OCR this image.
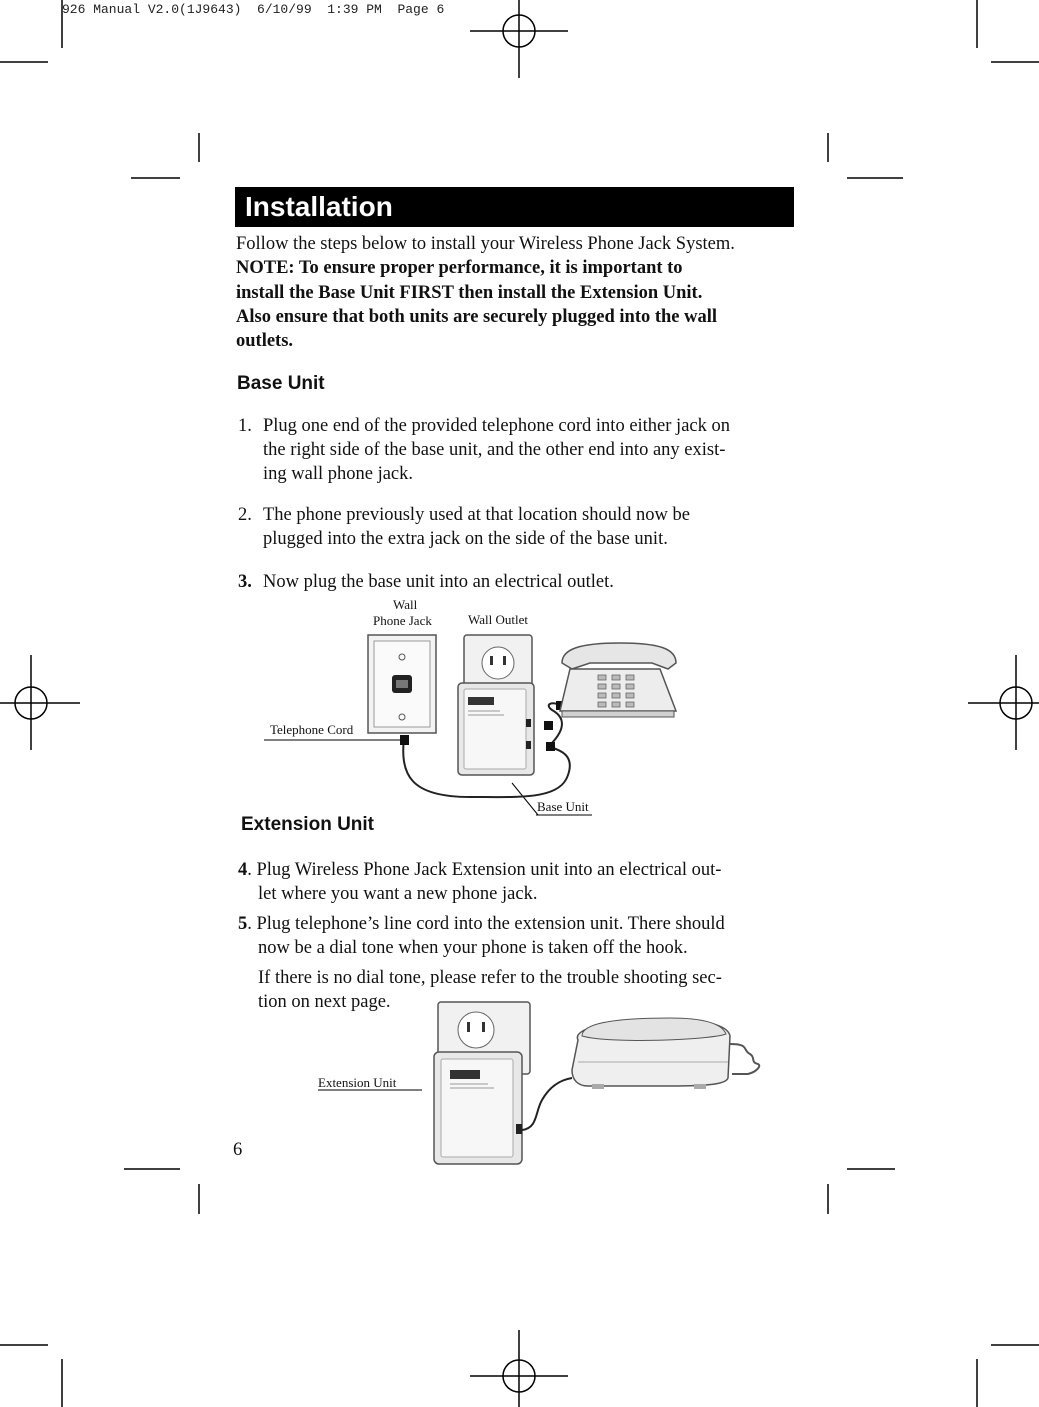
926 Manual V2.0(1J9643)  6/10/99  1:39 PM  Page 6
Installation
Follow the steps below to install your Wireless Phone Jack System.
NOTE: To ensure proper performance, it is important to
install the Base Unit FIRST then install the Extension Unit.
Also ensure that both units are securely plugged into the wall
outlets.
Base Unit
1. Plug one end of the provided telephone cord into either jack on
the right side of the base unit, and the other end into any exist-
ing wall phone jack.
2. The phone previously used at that location should now be
plugged into the extra jack on the side of the base unit.
3. Now plug the base unit into an electrical outlet.
Wall
Phone Jack	Wall Outlet
Telephone Cord
Base Unit
Extension Unit
4. Plug Wireless Phone Jack Extension unit into an electrical out-
let where you want a new phone jack.
5. Plug telephone’s line cord into the extension unit. There should
now be a dial tone when your phone is taken off the hook.
If there is no dial tone, please refer to the trouble shooting sec-
tion on next page.
Extension Unit
6
